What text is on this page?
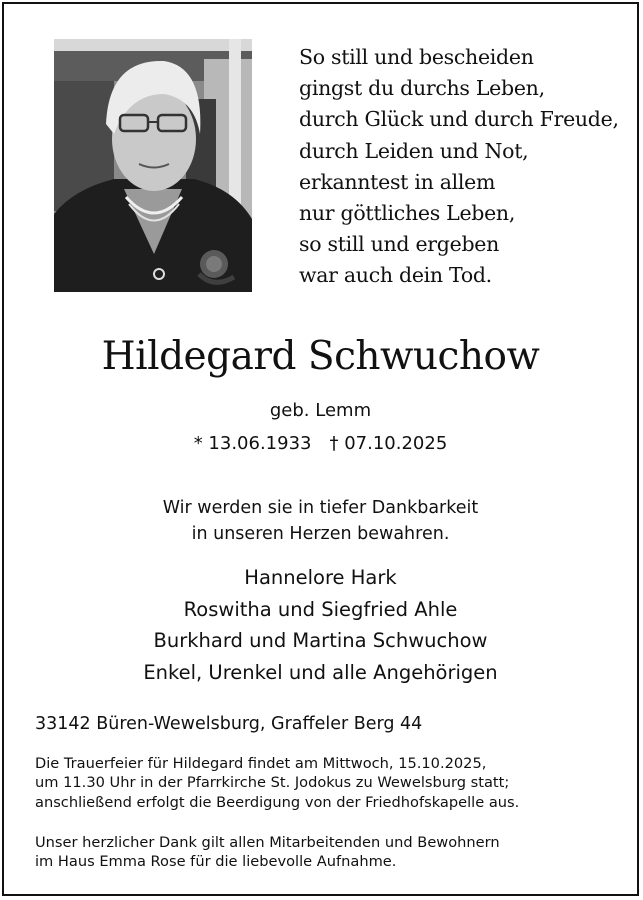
So still und bescheiden
gingst du durchs Leben,
durch Glück und durch Freude,
durch Leiden und Not,
erkanntest in allem
nur göttliches Leben,
so still und ergeben
war auch dein Tod.
Hildegard Schwuchow
geb. Lemm
* 13.06.1933 † 07.10.2025
Wir werden sie in tiefer Dankbarkeit
in unseren Herzen bewahren.
Hannelore Hark
Roswitha und Siegfried Ahle
Burkhard und Martina Schwuchow
Enkel, Urenkel und alle Angehörigen
33142 Büren-Wewelsburg, Graffeler Berg 44
Die Trauerfeier für Hildegard findet am Mittwoch, 15.10.2025,
um 11.30 Uhr in der Pfarrkirche St. Jodokus zu Wewelsburg statt;
anschließend erfolgt die Beerdigung von der Friedhofskapelle aus.
Unser herzlicher Dank gilt allen Mitarbeitenden und Bewohnern
im Haus Emma Rose für die liebevolle Aufnahme.
